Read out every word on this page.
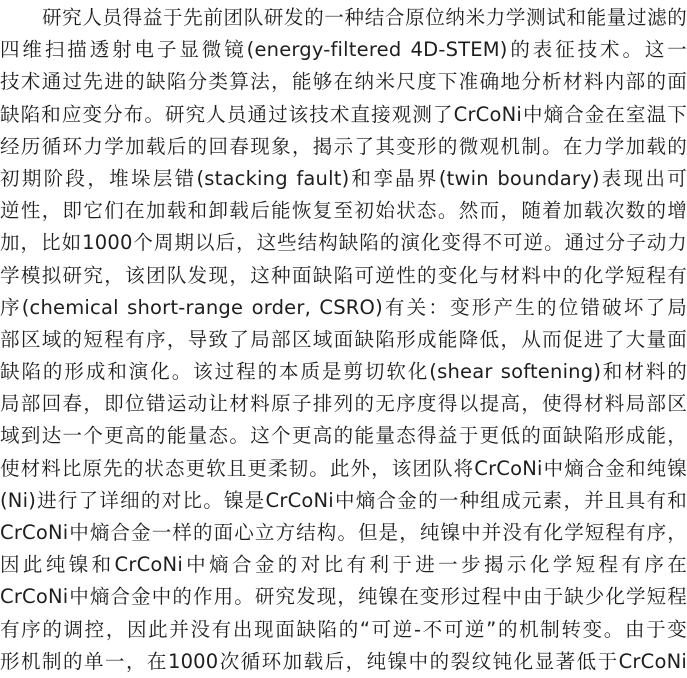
研究人员得益于先前团队研发的一种结合原位纳米力学测试和能量过滤的
四维扫描透射电子显微镜(energy-filtered 4D-STEM)的表征技术。这一
技术通过先进的缺陷分类算法，能够在纳米尺度下准确地分析材料内部的面
缺陷和应变分布。研究人员通过该技术直接观测了CrCoNi中熵合金在室温下
经历循环力学加载后的回春现象，揭示了其变形的微观机制。在力学加载的
初期阶段，堆垛层错(stacking fault)和孪晶界(twin boundary)表现出可
逆性，即它们在加载和卸载后能恢复至初始状态。然而，随着加载次数的增
加，比如1000个周期以后，这些结构缺陷的演化变得不可逆。通过分子动力
学模拟研究，该团队发现，这种面缺陷可逆性的变化与材料中的化学短程有
序(chemical short-range order, CSRO)有关：变形产生的位错破坏了局
部区域的短程有序，导致了局部区域面缺陷形成能降低，从而促进了大量面
缺陷的形成和演化。该过程的本质是剪切软化(shear softening)和材料的
局部回春，即位错运动让材料原子排列的无序度得以提高，使得材料局部区
域到达一个更高的能量态。这个更高的能量态得益于更低的面缺陷形成能，
使材料比原先的状态更软且更柔韧。此外，该团队将CrCoNi中熵合金和纯镍
(Ni)进行了详细的对比。镍是CrCoNi中熵合金的一种组成元素，并且具有和
CrCoNi中熵合金一样的面心立方结构。但是，纯镍中并没有化学短程有序，
因此纯镍和CrCoNi中熵合金的对比有利于进一步揭示化学短程有序在
CrCoNi中熵合金中的作用。研究发现，纯镍在变形过程中由于缺少化学短程
有序的调控，因此并没有出现面缺陷的“可逆-不可逆”的机制转变。由于变
形机制的单一，在1000次循环加载后，纯镍中的裂纹钝化显著低于CrCoNi
